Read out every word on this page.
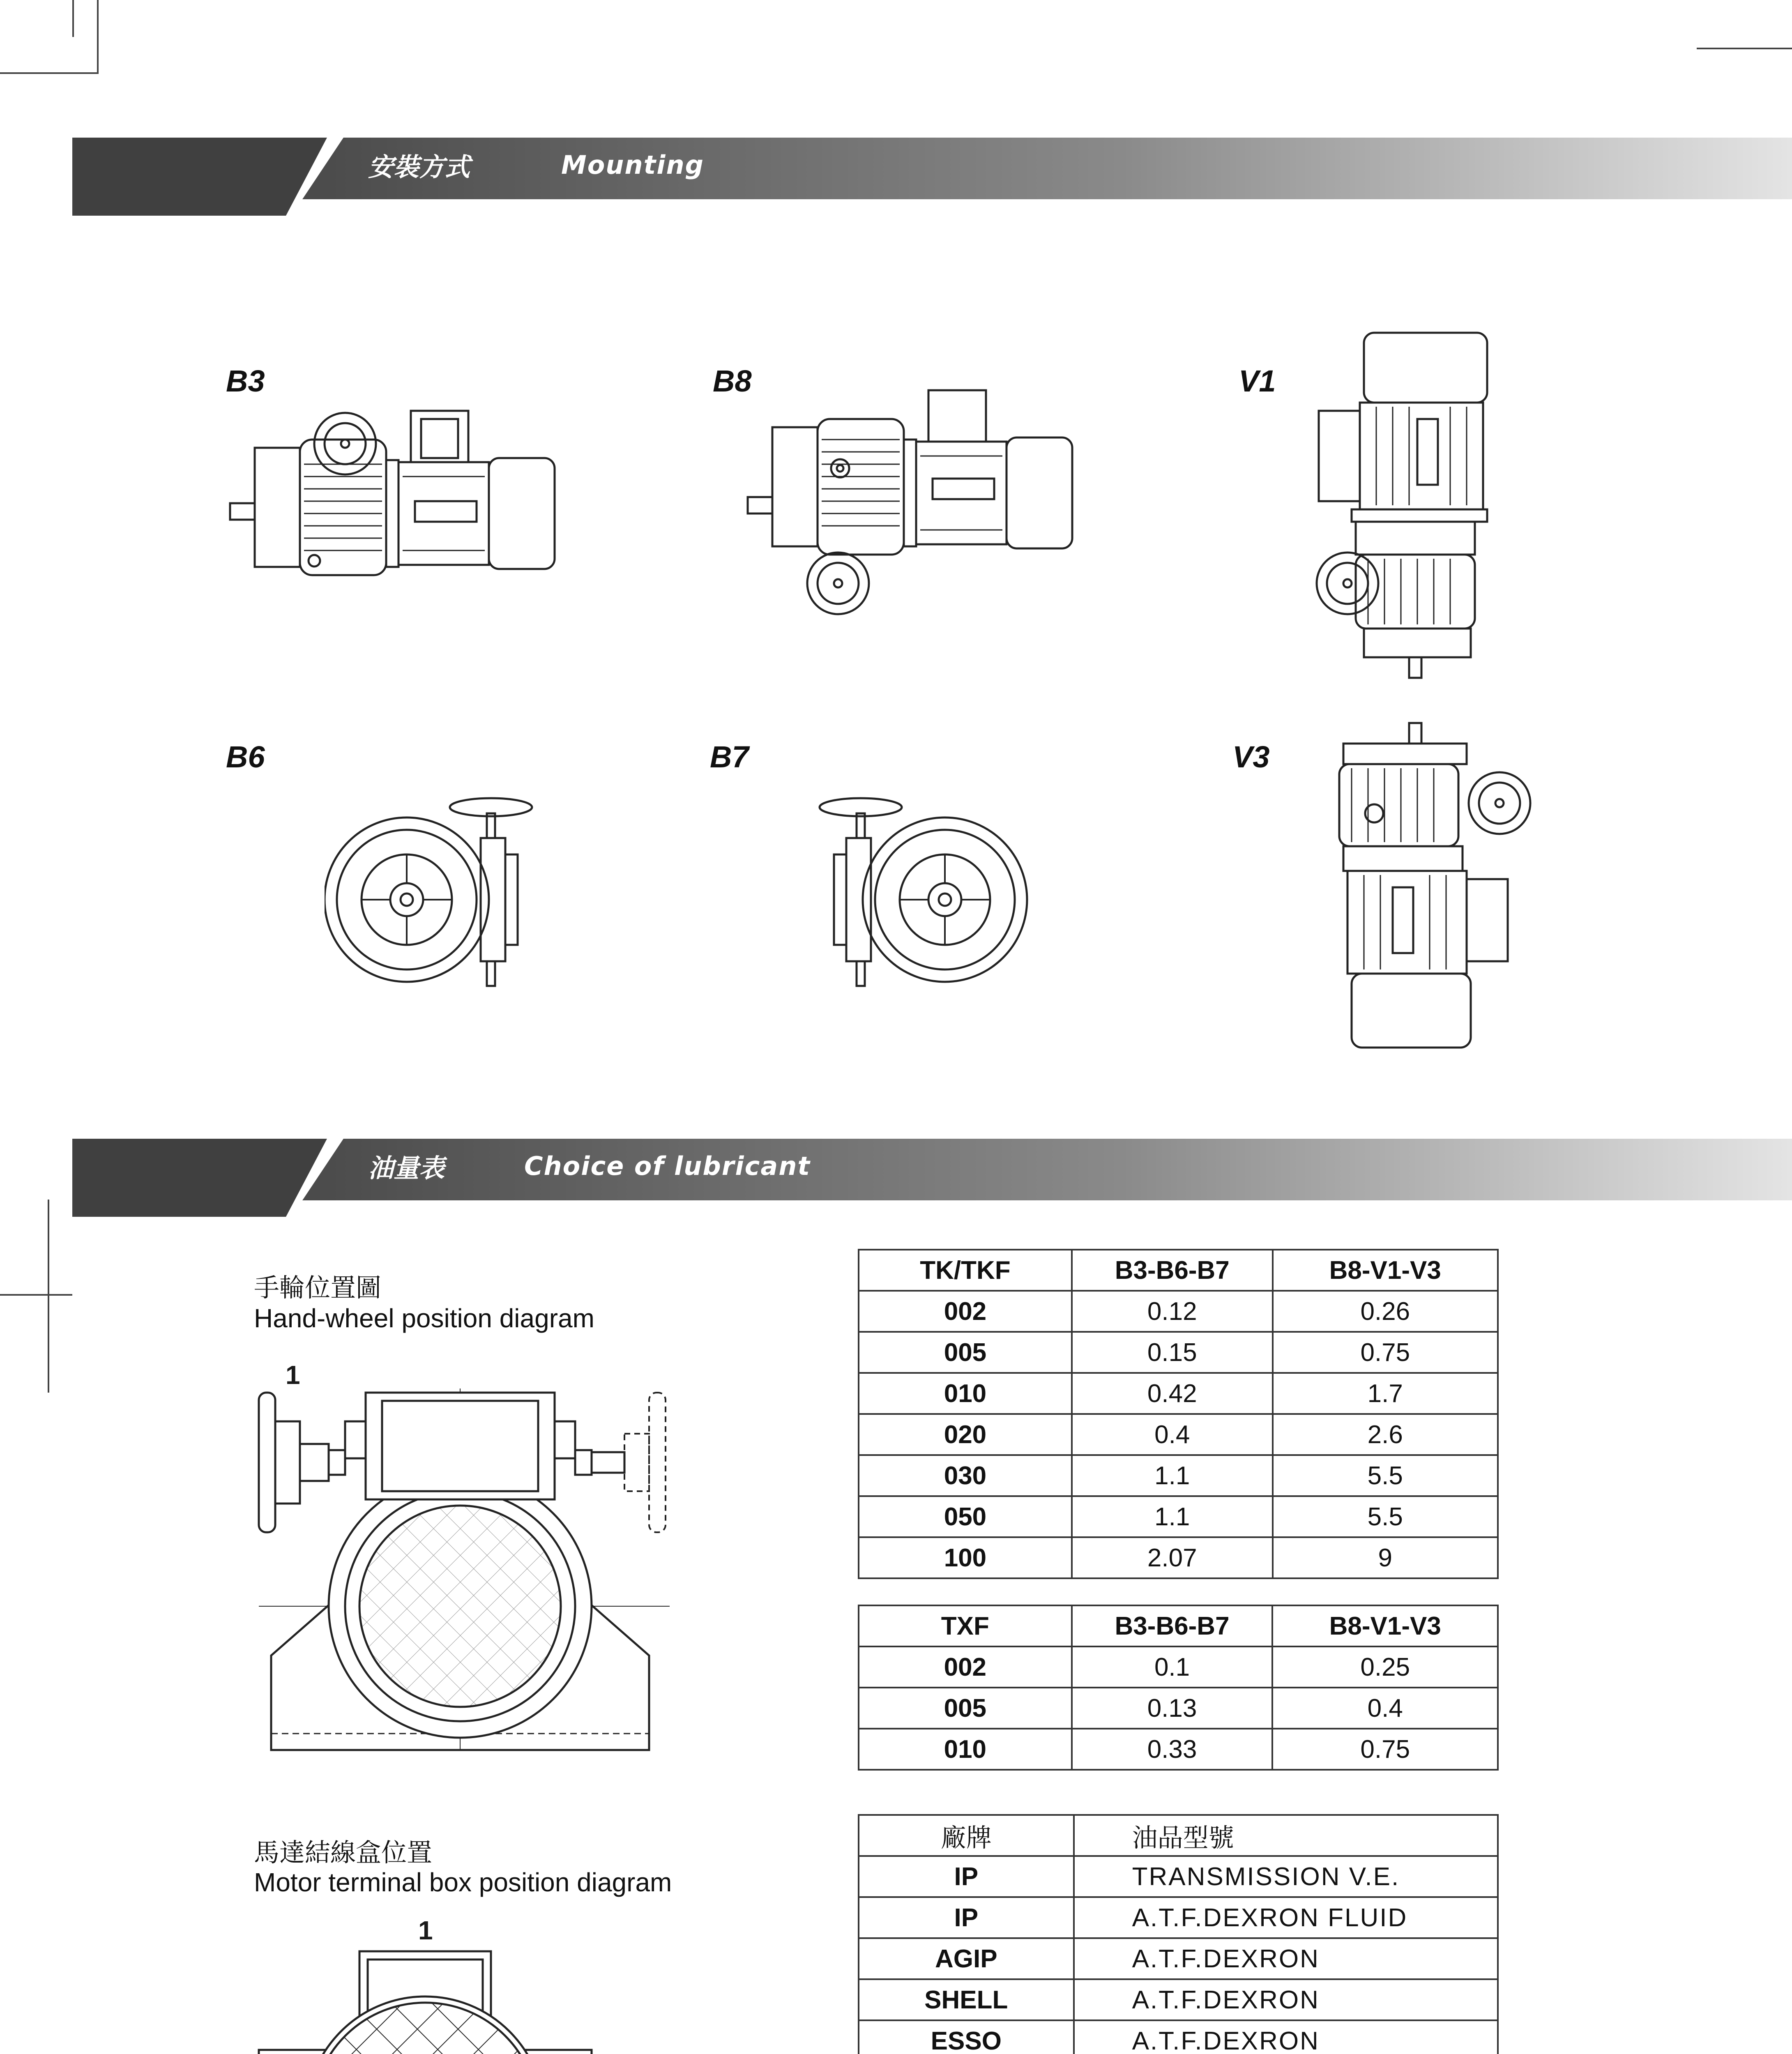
安裝方式	Mounting
B3	B8	V1
B6	B7	V3
油量表	Choice of lubricant
手輪位置圖
Hand-wheel position diagram
1
馬達結線盒位置
Motor terminal box position diagram
1
TK/TKF	B3-B6-B7	B8-V1-V3
002	0.12	0.26
005	0.15	0.75
010	0.42	1.7
020	0.4	2.6
030	1.1	5.5
050	1.1	5.5
100	2.07	9
TXF	B3-B6-B7	B8-V1-V3
002	0.1	0.25
005	0.13	0.4
010	0.33	0.75
廠牌	油品型號
IP	TRANSMISSION V.E.
IP	A.T.F.DEXRON FLUID
AGIP	A.T.F.DEXRON
SHELL	A.T.F.DEXRON
ESSO	A.T.F.DEXRON
